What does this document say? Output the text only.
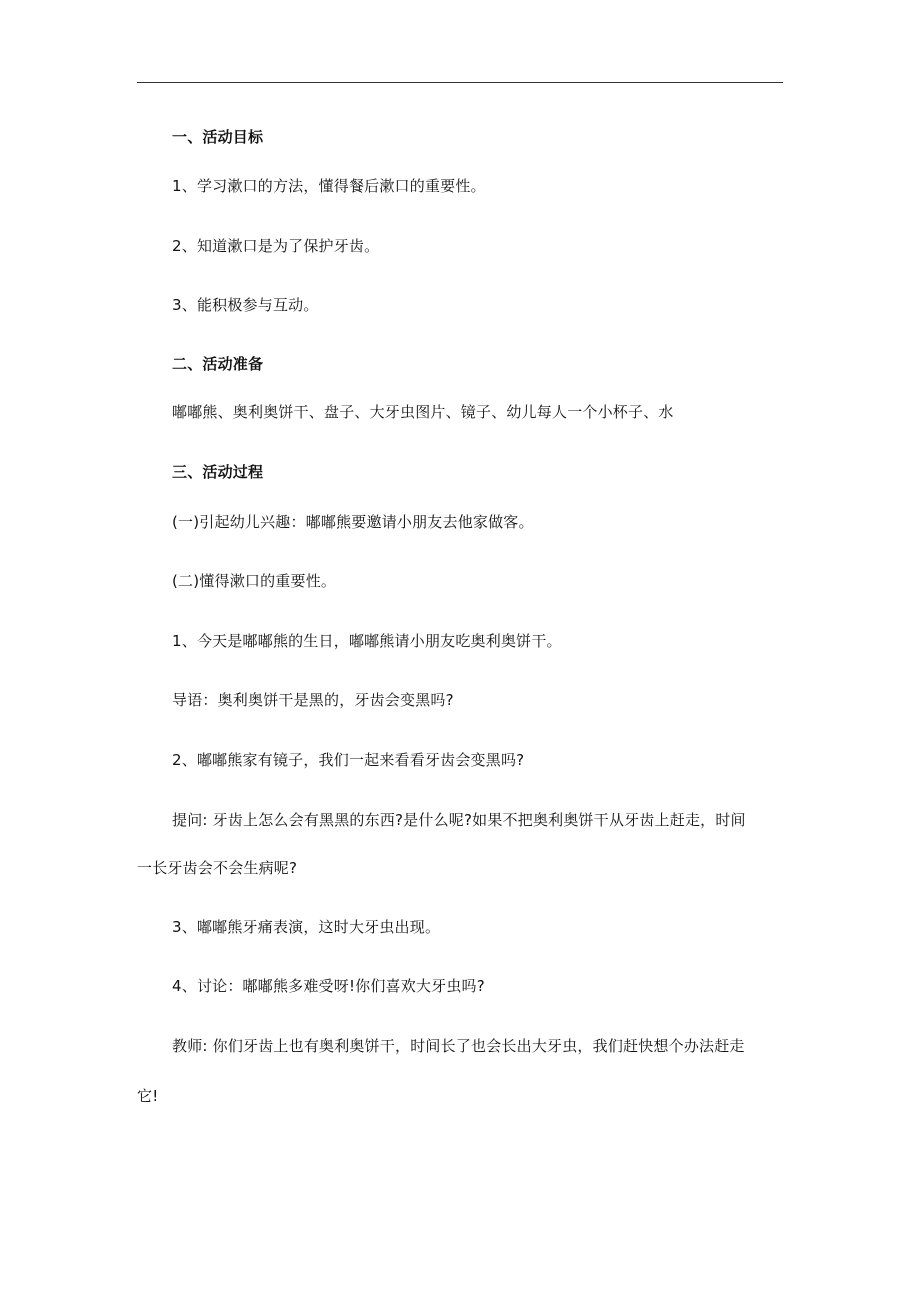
一、活动目标
1、学习漱口的方法，懂得餐后漱口的重要性。
2、知道漱口是为了保护牙齿。
3、能积极参与互动。
二、活动准备
嘟嘟熊、奥利奥饼干、盘子、大牙虫图片、镜子、幼儿每人一个小杯子、水
三、活动过程
(一)引起幼儿兴趣：嘟嘟熊要邀请小朋友去他家做客。
(二)懂得漱口的重要性。
1、今天是嘟嘟熊的生日，嘟嘟熊请小朋友吃奥利奥饼干。
导语：奥利奥饼干是黑的，牙齿会变黑吗?
2、嘟嘟熊家有镜子，我们一起来看看牙齿会变黑吗?
提问: 牙齿上怎么会有黑黑的东西?是什么呢?如果不把奥利奥饼干从牙齿上赶走，时间
一长牙齿会不会生病呢?
3、嘟嘟熊牙痛表演，这时大牙虫出现。
4、讨论：嘟嘟熊多难受呀!你们喜欢大牙虫吗?
教师: 你们牙齿上也有奥利奥饼干，时间长了也会长出大牙虫，我们赶快想个办法赶走
它!
